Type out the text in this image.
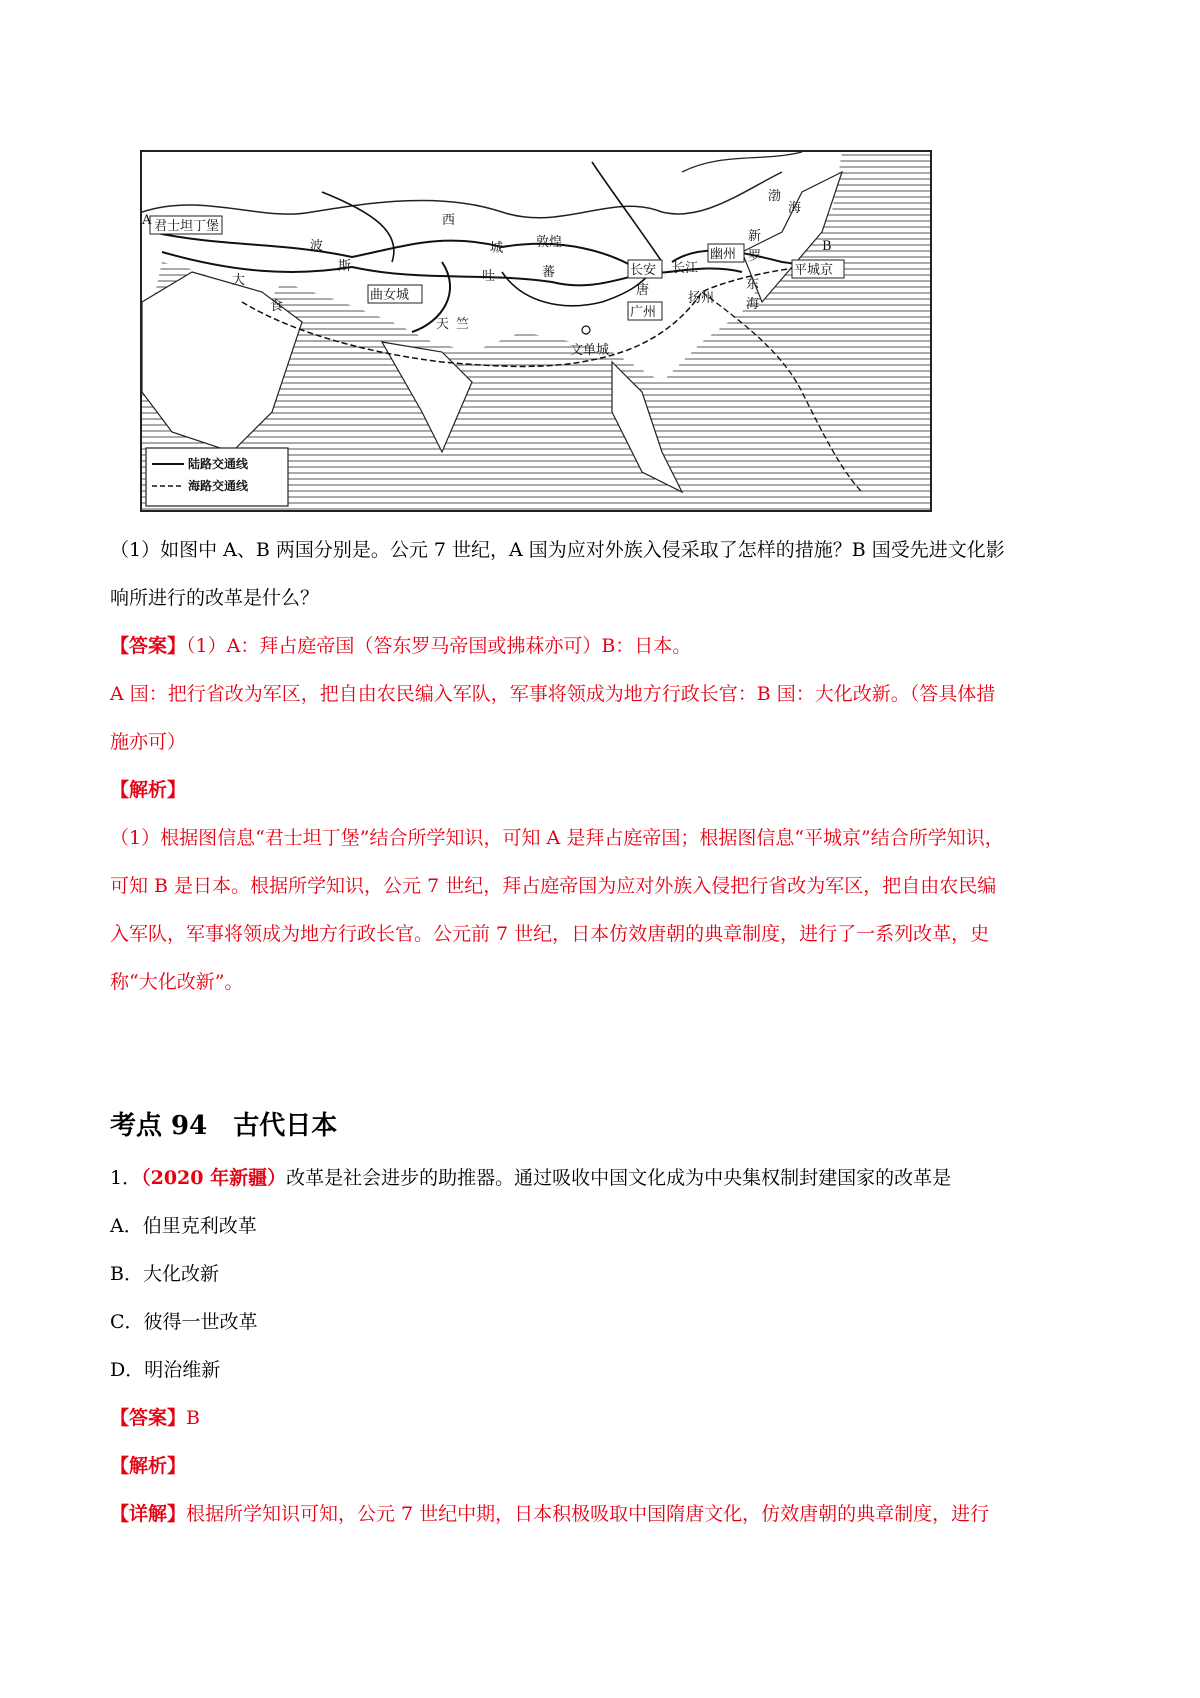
君士坦丁堡
A
大
食
波
斯
西
城	敦煌
吐	蕃
曲女城
天 竺
长安 长江
唐
广州
扬州
幽州
新
罗
渤
海
东
海
平城京
B
文单城
陆路交通线
海路交通线
（1）如图中 A、B 两国分别是。公元 7 世纪，A 国为应对外族入侵采取了怎样的措施？B 国受先进文化影
响所进行的改革是什么？
【答案】（1）A：拜占庭帝国（答东罗马帝国或拂菻亦可）B：日本。
A 国：把行省改为军区，把自由农民编入军队，军事将领成为地方行政长官：B 国：大化改新。（答具体措
施亦可）
【解析】
（1）根据图信息“君士坦丁堡”结合所学知识，可知 A 是拜占庭帝国；根据图信息“平城京”结合所学知识，
可知 B 是日本。根据所学知识，公元 7 世纪，拜占庭帝国为应对外族入侵把行省改为军区，把自由农民编
入军队，军事将领成为地方行政长官。公元前 7 世纪，日本仿效唐朝的典章制度，进行了一系列改革，史
称“大化改新”。
考点 94　古代日本
1．（2020 年新疆）改革是社会进步的助推器。通过吸收中国文化成为中央集权制封建国家的改革是
A．伯里克利改革
B．大化改新
C．彼得一世改革
D．明治维新
【答案】B
【解析】
【详解】根据所学知识可知，公元 7 世纪中期，日本积极吸取中国隋唐文化，仿效唐朝的典章制度，进行
